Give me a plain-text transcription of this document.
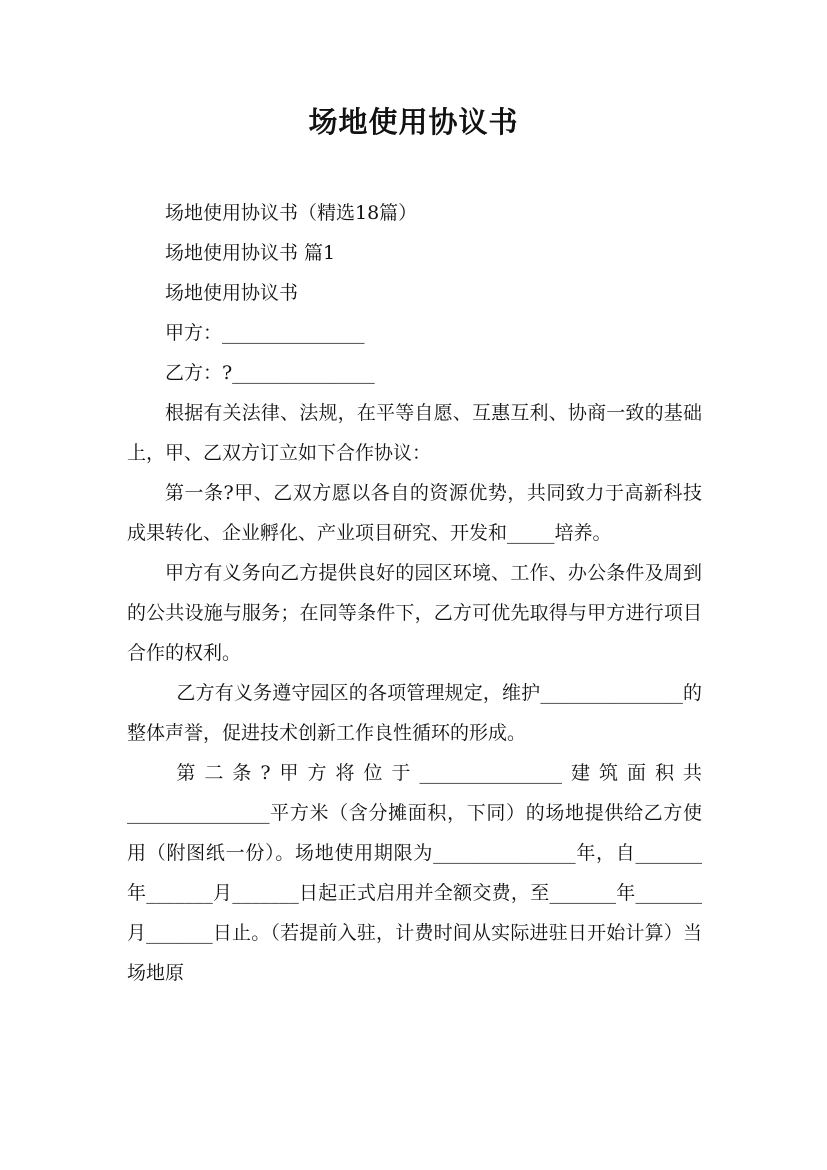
场地使用协议书

场地使用协议书（精选18篇）

场地使用协议书 篇1

场地使用协议书

甲方：_______________

乙方：?_______________

根据有关法律、法规，在平等自愿、互惠互利、协商一致的基础上，甲、乙双方订立如下合作协议：

第一条?甲、乙双方愿以各自的资源优势，共同致力于高新科技成果转化、企业孵化、产业项目研究、开发和_____培养。

甲方有义务向乙方提供良好的园区环境、工作、办公条件及周到的公共设施与服务；在同等条件下，乙方可优先取得与甲方进行项目合作的权利。

乙方有义务遵守园区的各项管理规定，维护_______________的整体声誉，促进技术创新工作良性循环的形成。

第二条?甲方将位于_______________建筑面积共_______________平方米（含分摊面积，下同）的场地提供给乙方使用（附图纸一份）。场地使用期限为_______________年，自_______年_______月_______日起正式启用并全额交费，至_______年_______月_______日止。（若提前入驻，计费时间从实际进驻日开始计算）当场地原
